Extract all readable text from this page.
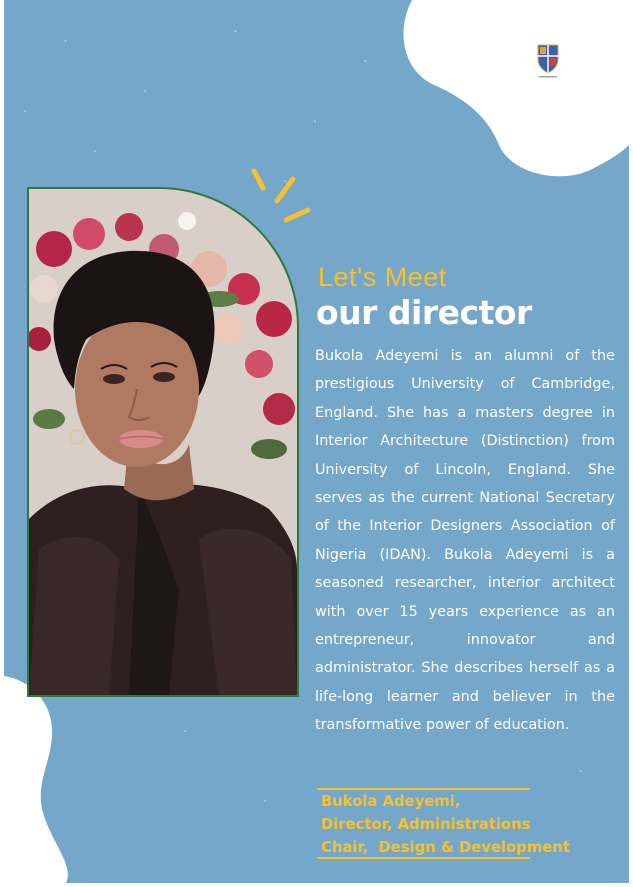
Let's Meet
our director

Bukola Adeyemi is an alumni of the prestigious University of Cambridge, England. She has a masters degree in Interior Architecture (Distinction) from University of Lincoln, England. She serves as the current National Secretary of the Interior Designers Association of Nigeria (IDAN). Bukola Adeyemi is a seasoned researcher, interior architect with over 15 years experience as an entrepreneur, innovator and administrator. She describes herself as a life-long learner and believer in the transformative power of education.

Bukola Adeyemi,
Director, Administrations
Chair,  Design & Development
